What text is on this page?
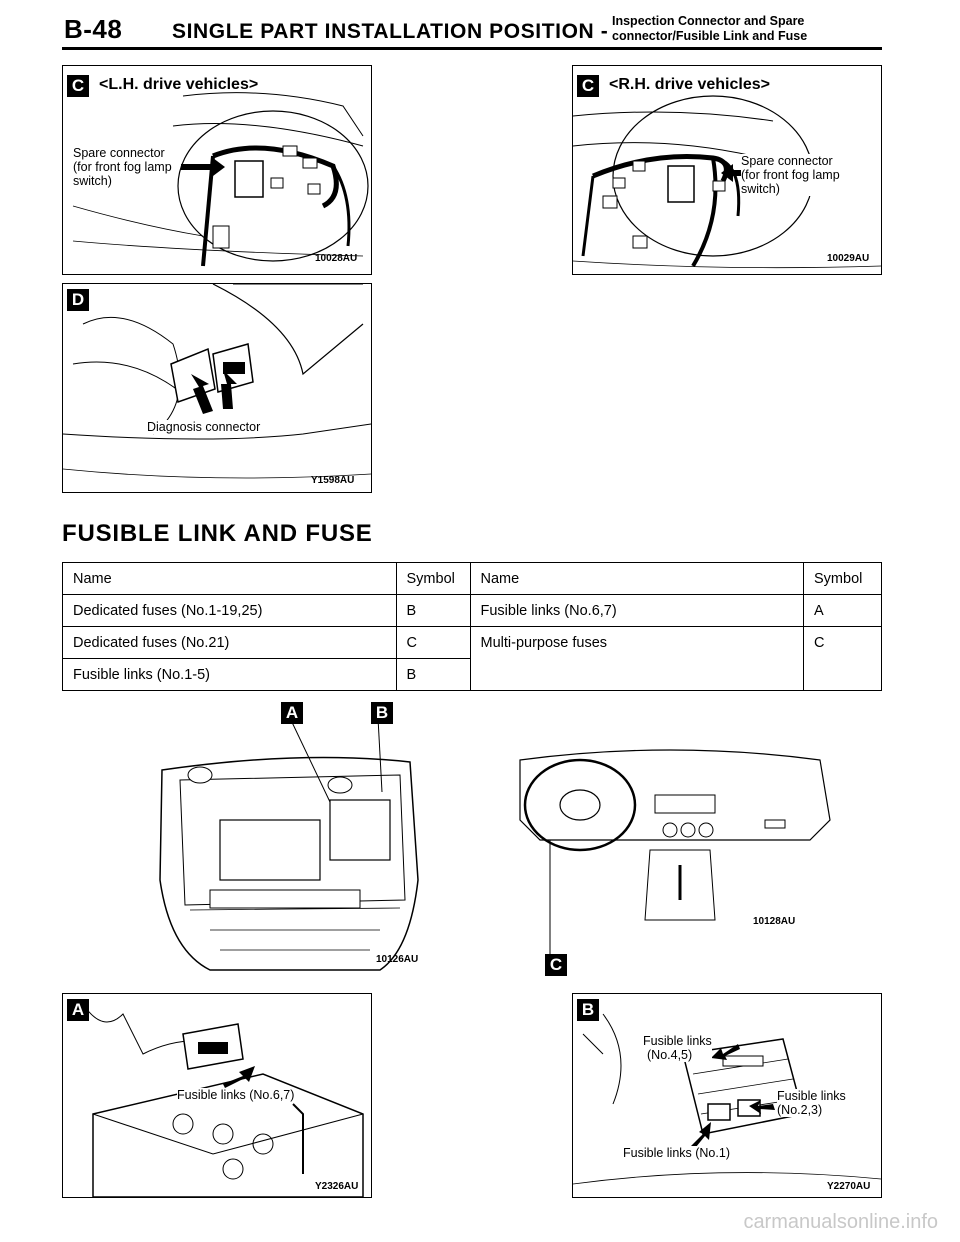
B-48 SINGLE PART INSTALLATION POSITION - Inspection Connector and Spare
connector/Fusible Link and Fuse
C <L.H. drive vehicles>
Spare connector
(for front fog lamp
switch)
10028AU
C <R.H. drive vehicles>
Spare connector
(for front fog lamp
switch)
10029AU
D
Diagnosis connector
Y1598AU
FUSIBLE LINK AND FUSE
Name	Symbol	Name	Symbol
Dedicated fuses (No.1-19,25)	B	Fusible links (No.6,7)	A
Dedicated fuses (No.21)	C	Multi-purpose fuses	C
Fusible links (No.1-5)	B		
A	B
10126AU
10128AU
C
A
Fusible links (No.6,7)
Y2326AU
B
Fusible links
(No.4,5)
Fusible links
(No.2,3)
Fusible links (No.1)
Y2270AU
carmanualsonline.info
